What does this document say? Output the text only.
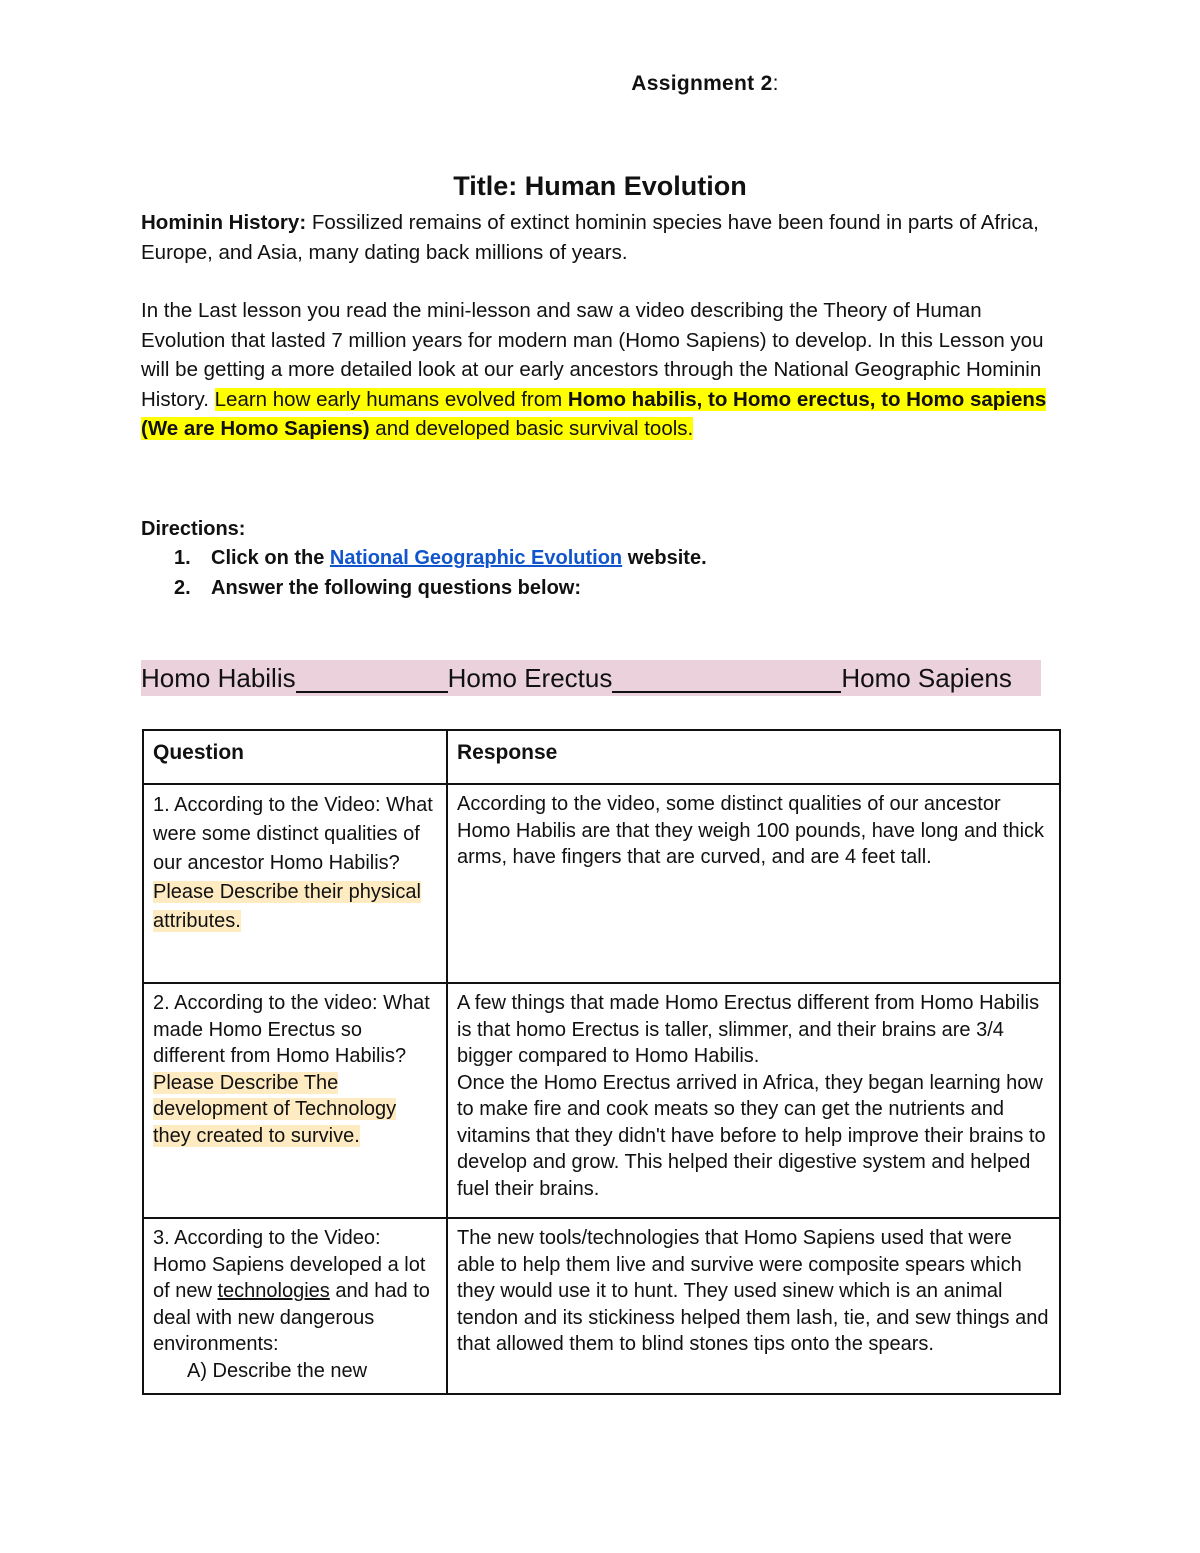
Assignment 2:
Title: Human Evolution
Hominin History: Fossilized remains of extinct hominin species have been found in parts of Africa, Europe, and Asia, many dating back millions of years.
In the Last lesson you read the mini-lesson and saw a video describing the Theory of Human Evolution that lasted 7 million years for modern man (Homo Sapiens) to develop. In this Lesson you will be getting a more detailed look at our early ancestors through the National Geographic Hominin History. Learn how early humans evolved from Homo habilis, to Homo erectus, to Homo sapiens (We are Homo Sapiens) and developed basic survival tools.
Directions:
1. Click on the National Geographic Evolution website.
2. Answer the following questions below:
Homo Habilis	Homo Erectus	Homo Sapiens
Question	Response
1. According to the Video: What were some distinct qualities of our ancestor Homo Habilis? Please Describe their physical attributes.	According to the video, some distinct qualities of our ancestor Homo Habilis are that they weigh 100 pounds, have long and thick arms, have fingers that are curved, and are 4 feet tall.
2. According to the video: What made Homo Erectus so different from Homo Habilis? Please Describe The development of Technology they created to survive.	A few things that made Homo Erectus different from Homo Habilis is that homo Erectus is taller, slimmer, and their brains are 3/4 bigger compared to Homo Habilis.
Once the Homo Erectus arrived in Africa, they began learning how to make fire and cook meats so they can get the nutrients and vitamins that they didn't have before to help improve their brains to develop and grow. This helped their digestive system and helped fuel their brains.

3. According to the Video: Homo Sapiens developed a lot of new technologies and had to deal with new dangerous environments:
A) Describe the new	The new tools/technologies that Homo Sapiens used that were able to help them live and survive were composite spears which they would use it to hunt. They used sinew which is an animal tendon and its stickiness helped them lash, tie, and sew things and that allowed them to blind stones tips onto the spears.
